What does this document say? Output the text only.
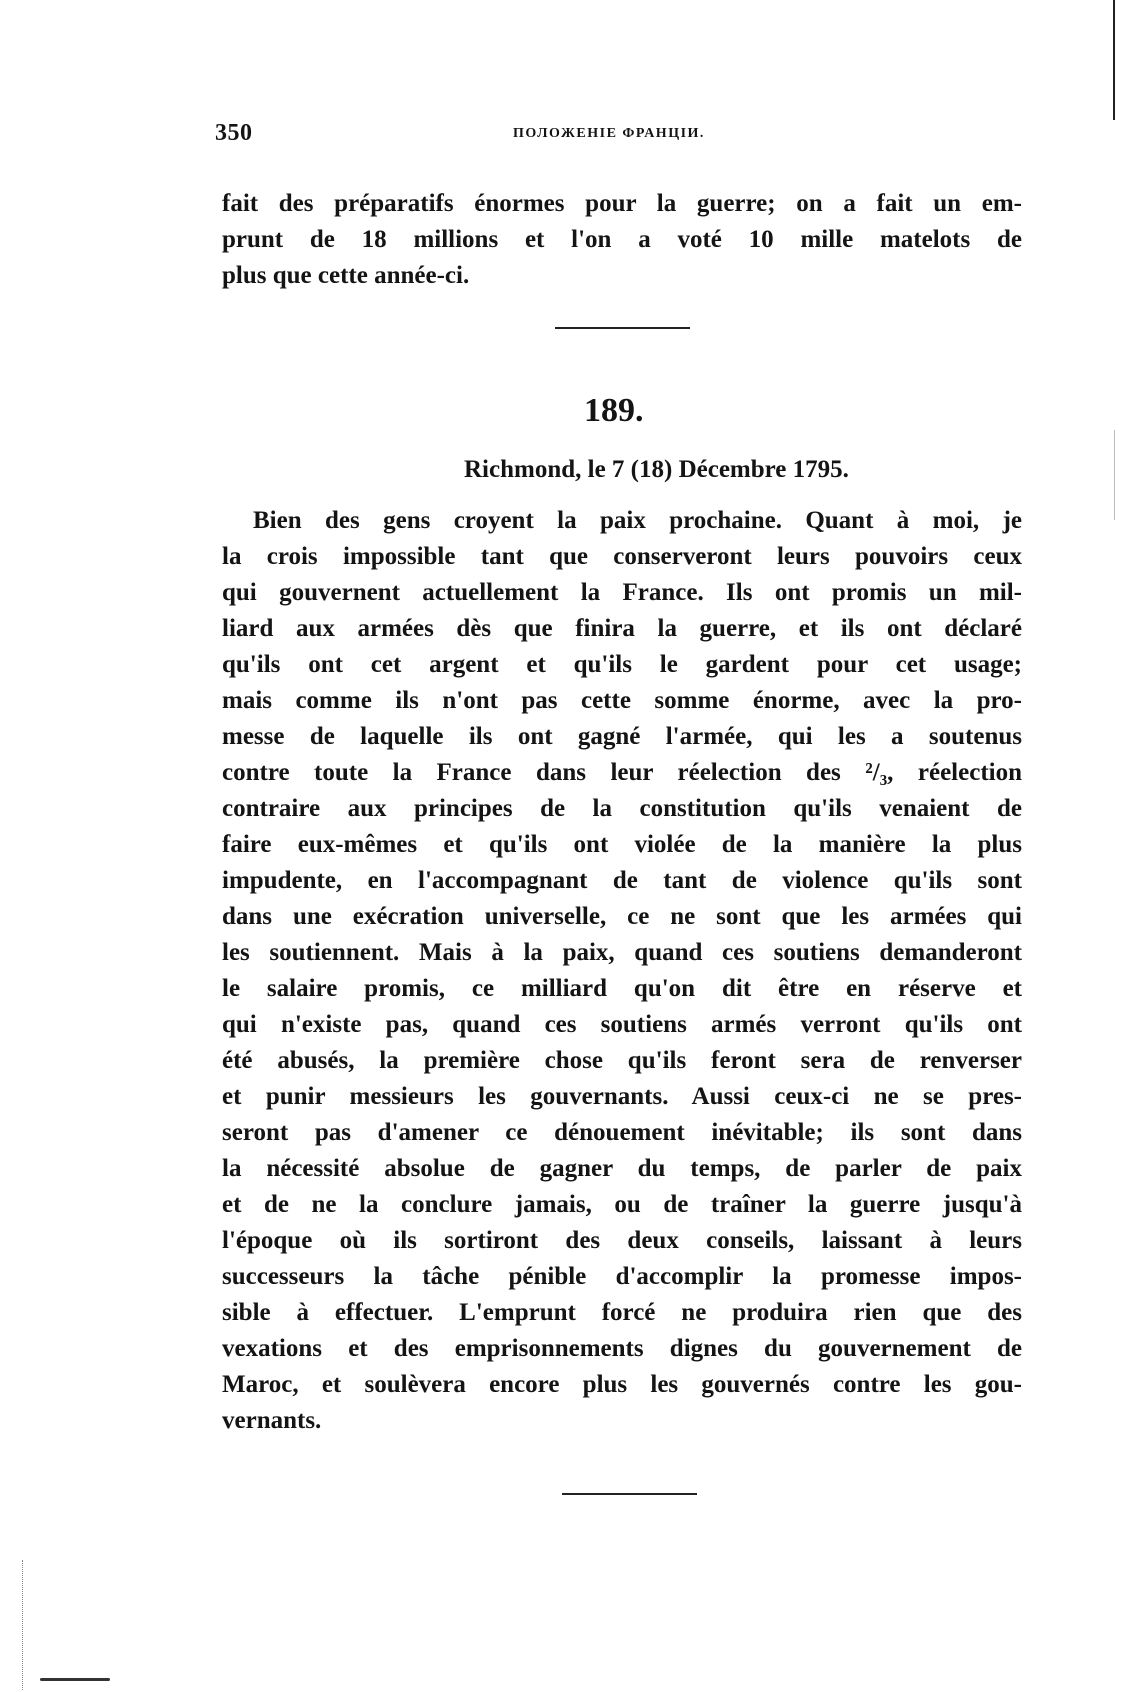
350	ПОЛОЖЕНІЕ ФРАНЦІИ.
fait des préparatifs énormes pour la guerre; on a fait un em-
prunt de 18 millions et l'on a voté 10 mille matelots de
plus que cette année-ci.
189.
Richmond, le 7 (18) Décembre 1795.
Bien des gens croyent la paix prochaine. Quant à moi, je
la crois impossible tant que conserveront leurs pouvoirs ceux
qui gouvernent actuellement la France. Ils ont promis un mil-
liard aux armées dès que finira la guerre, et ils ont déclaré
qu'ils ont cet argent et qu'ils le gardent pour cet usage;
mais comme ils n'ont pas cette somme énorme, avec la pro-
messe de laquelle ils ont gagné l'armée, qui les a soutenus
contre toute la France dans leur réelection des ²/₃, réelection
contraire aux principes de la constitution qu'ils venaient de
faire eux-mêmes et qu'ils ont violée de la manière la plus
impudente, en l'accompagnant de tant de violence qu'ils sont
dans une exécration universelle, ce ne sont que les armées qui
les soutiennent. Mais à la paix, quand ces soutiens demanderont
le salaire promis, ce milliard qu'on dit être en réserve et
qui n'existe pas, quand ces soutiens armés verront qu'ils ont
été abusés, la première chose qu'ils feront sera de renverser
et punir messieurs les gouvernants. Aussi ceux-ci ne se pres-
seront pas d'amener ce dénouement inévitable; ils sont dans
la nécessité absolue de gagner du temps, de parler de paix
et de ne la conclure jamais, ou de traîner la guerre jusqu'à
l'époque où ils sortiront des deux conseils, laissant à leurs
successeurs la tâche pénible d'accomplir la promesse impos-
sible à effectuer. L'emprunt forcé ne produira rien que des
vexations et des emprisonnements dignes du gouvernement de
Maroc, et soulèvera encore plus les gouvernés contre les gou-
vernants.
